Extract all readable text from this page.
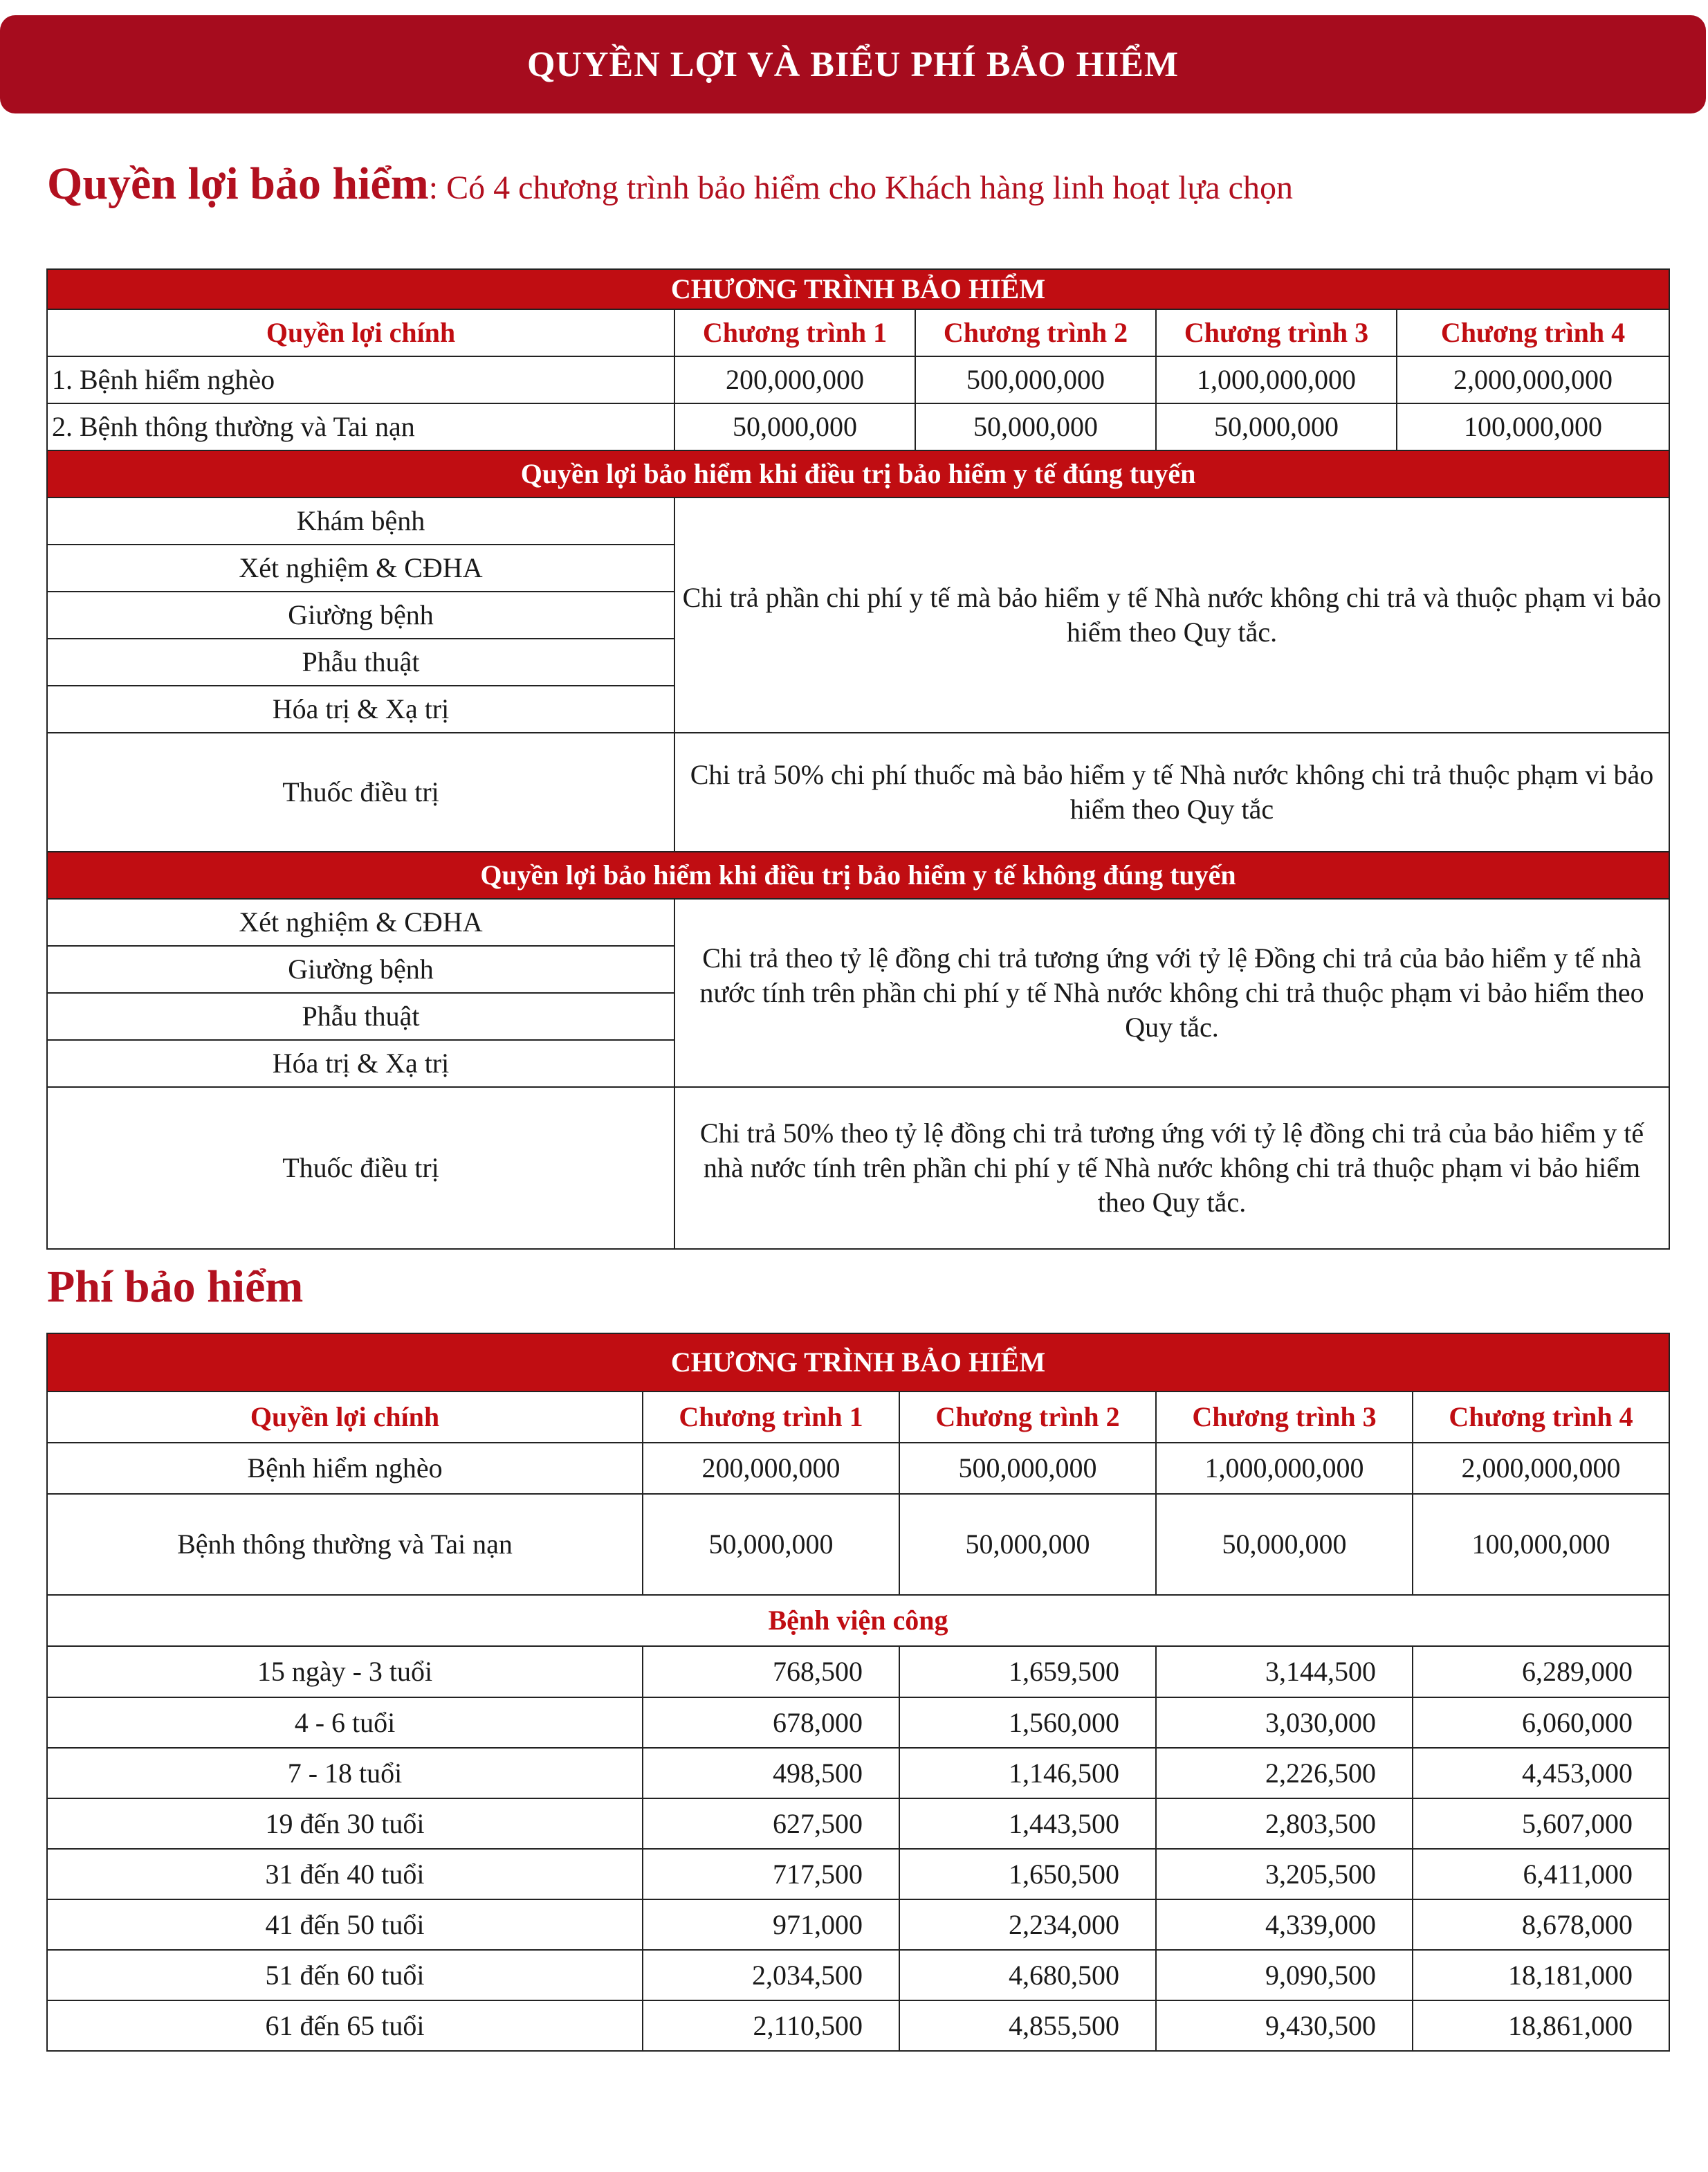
QUYỀN LỢI VÀ BIỂU PHÍ BẢO HIỂM
Quyền lợi bảo hiểm: Có 4 chương trình bảo hiểm cho Khách hàng linh hoạt lựa chọn
CHƯƠNG TRÌNH BẢO HIỂM				
Quyền lợi chính	Chương trình 1	Chương trình 2	Chương trình 3	Chương trình 4
1. Bệnh hiểm nghèo	200,000,000	500,000,000	1,000,000,000	2,000,000,000
2. Bệnh thông thường và Tai nạn	50,000,000	50,000,000	50,000,000	100,000,000
Quyền lợi bảo hiểm khi điều trị bảo hiểm y tế đúng tuyến				
Khám bệnh	Chi trả phần chi phí y tế mà bảo hiểm y tế Nhà nước không chi trả và thuộc phạm vi bảo hiểm theo Quy tắc.			
Xét nghiệm & CĐHA				
Giường bệnh				
Phẫu thuật				
Hóa trị & Xạ trị				
Thuốc điều trị	Chi trả 50% chi phí thuốc mà bảo hiểm y tế Nhà nước không chi trả thuộc phạm vi bảo hiểm theo Quy tắc			
Quyền lợi bảo hiểm khi điều trị bảo hiểm y tế không đúng tuyến				
Xét nghiệm & CĐHA	Chi trả theo tỷ lệ đồng chi trả tương ứng với tỷ lệ Đồng chi trả của bảo hiểm y tế nhà nước tính trên phần chi phí y tế Nhà nước không chi trả thuộc phạm vi bảo hiểm theo Quy tắc.			
Giường bệnh				
Phẫu thuật				
Hóa trị & Xạ trị				
Thuốc điều trị	Chi trả 50% theo tỷ lệ đồng chi trả tương ứng với tỷ lệ đồng chi trả của bảo hiểm y tế nhà nước tính trên phần chi phí y tế Nhà nước không chi trả thuộc phạm vi bảo hiểm theo Quy tắc.			
Phí bảo hiểm
CHƯƠNG TRÌNH BẢO HIỂM				
Quyền lợi chính	Chương trình 1	Chương trình 2	Chương trình 3	Chương trình 4
Bệnh hiểm nghèo	200,000,000	500,000,000	1,000,000,000	2,000,000,000
Bệnh thông thường và Tai nạn	50,000,000	50,000,000	50,000,000	100,000,000
Bệnh viện công				
15 ngày - 3 tuổi	768,500	1,659,500	3,144,500	6,289,000
4 - 6 tuổi	678,000	1,560,000	3,030,000	6,060,000
7 - 18 tuổi	498,500	1,146,500	2,226,500	4,453,000
19 đến 30 tuổi	627,500	1,443,500	2,803,500	5,607,000
31 đến 40 tuổi	717,500	1,650,500	3,205,500	6,411,000
41 đến 50 tuổi	971,000	2,234,000	4,339,000	8,678,000
51 đến 60 tuổi	2,034,500	4,680,500	9,090,500	18,181,000
61 đến 65 tuổi	2,110,500	4,855,500	9,430,500	18,861,000
